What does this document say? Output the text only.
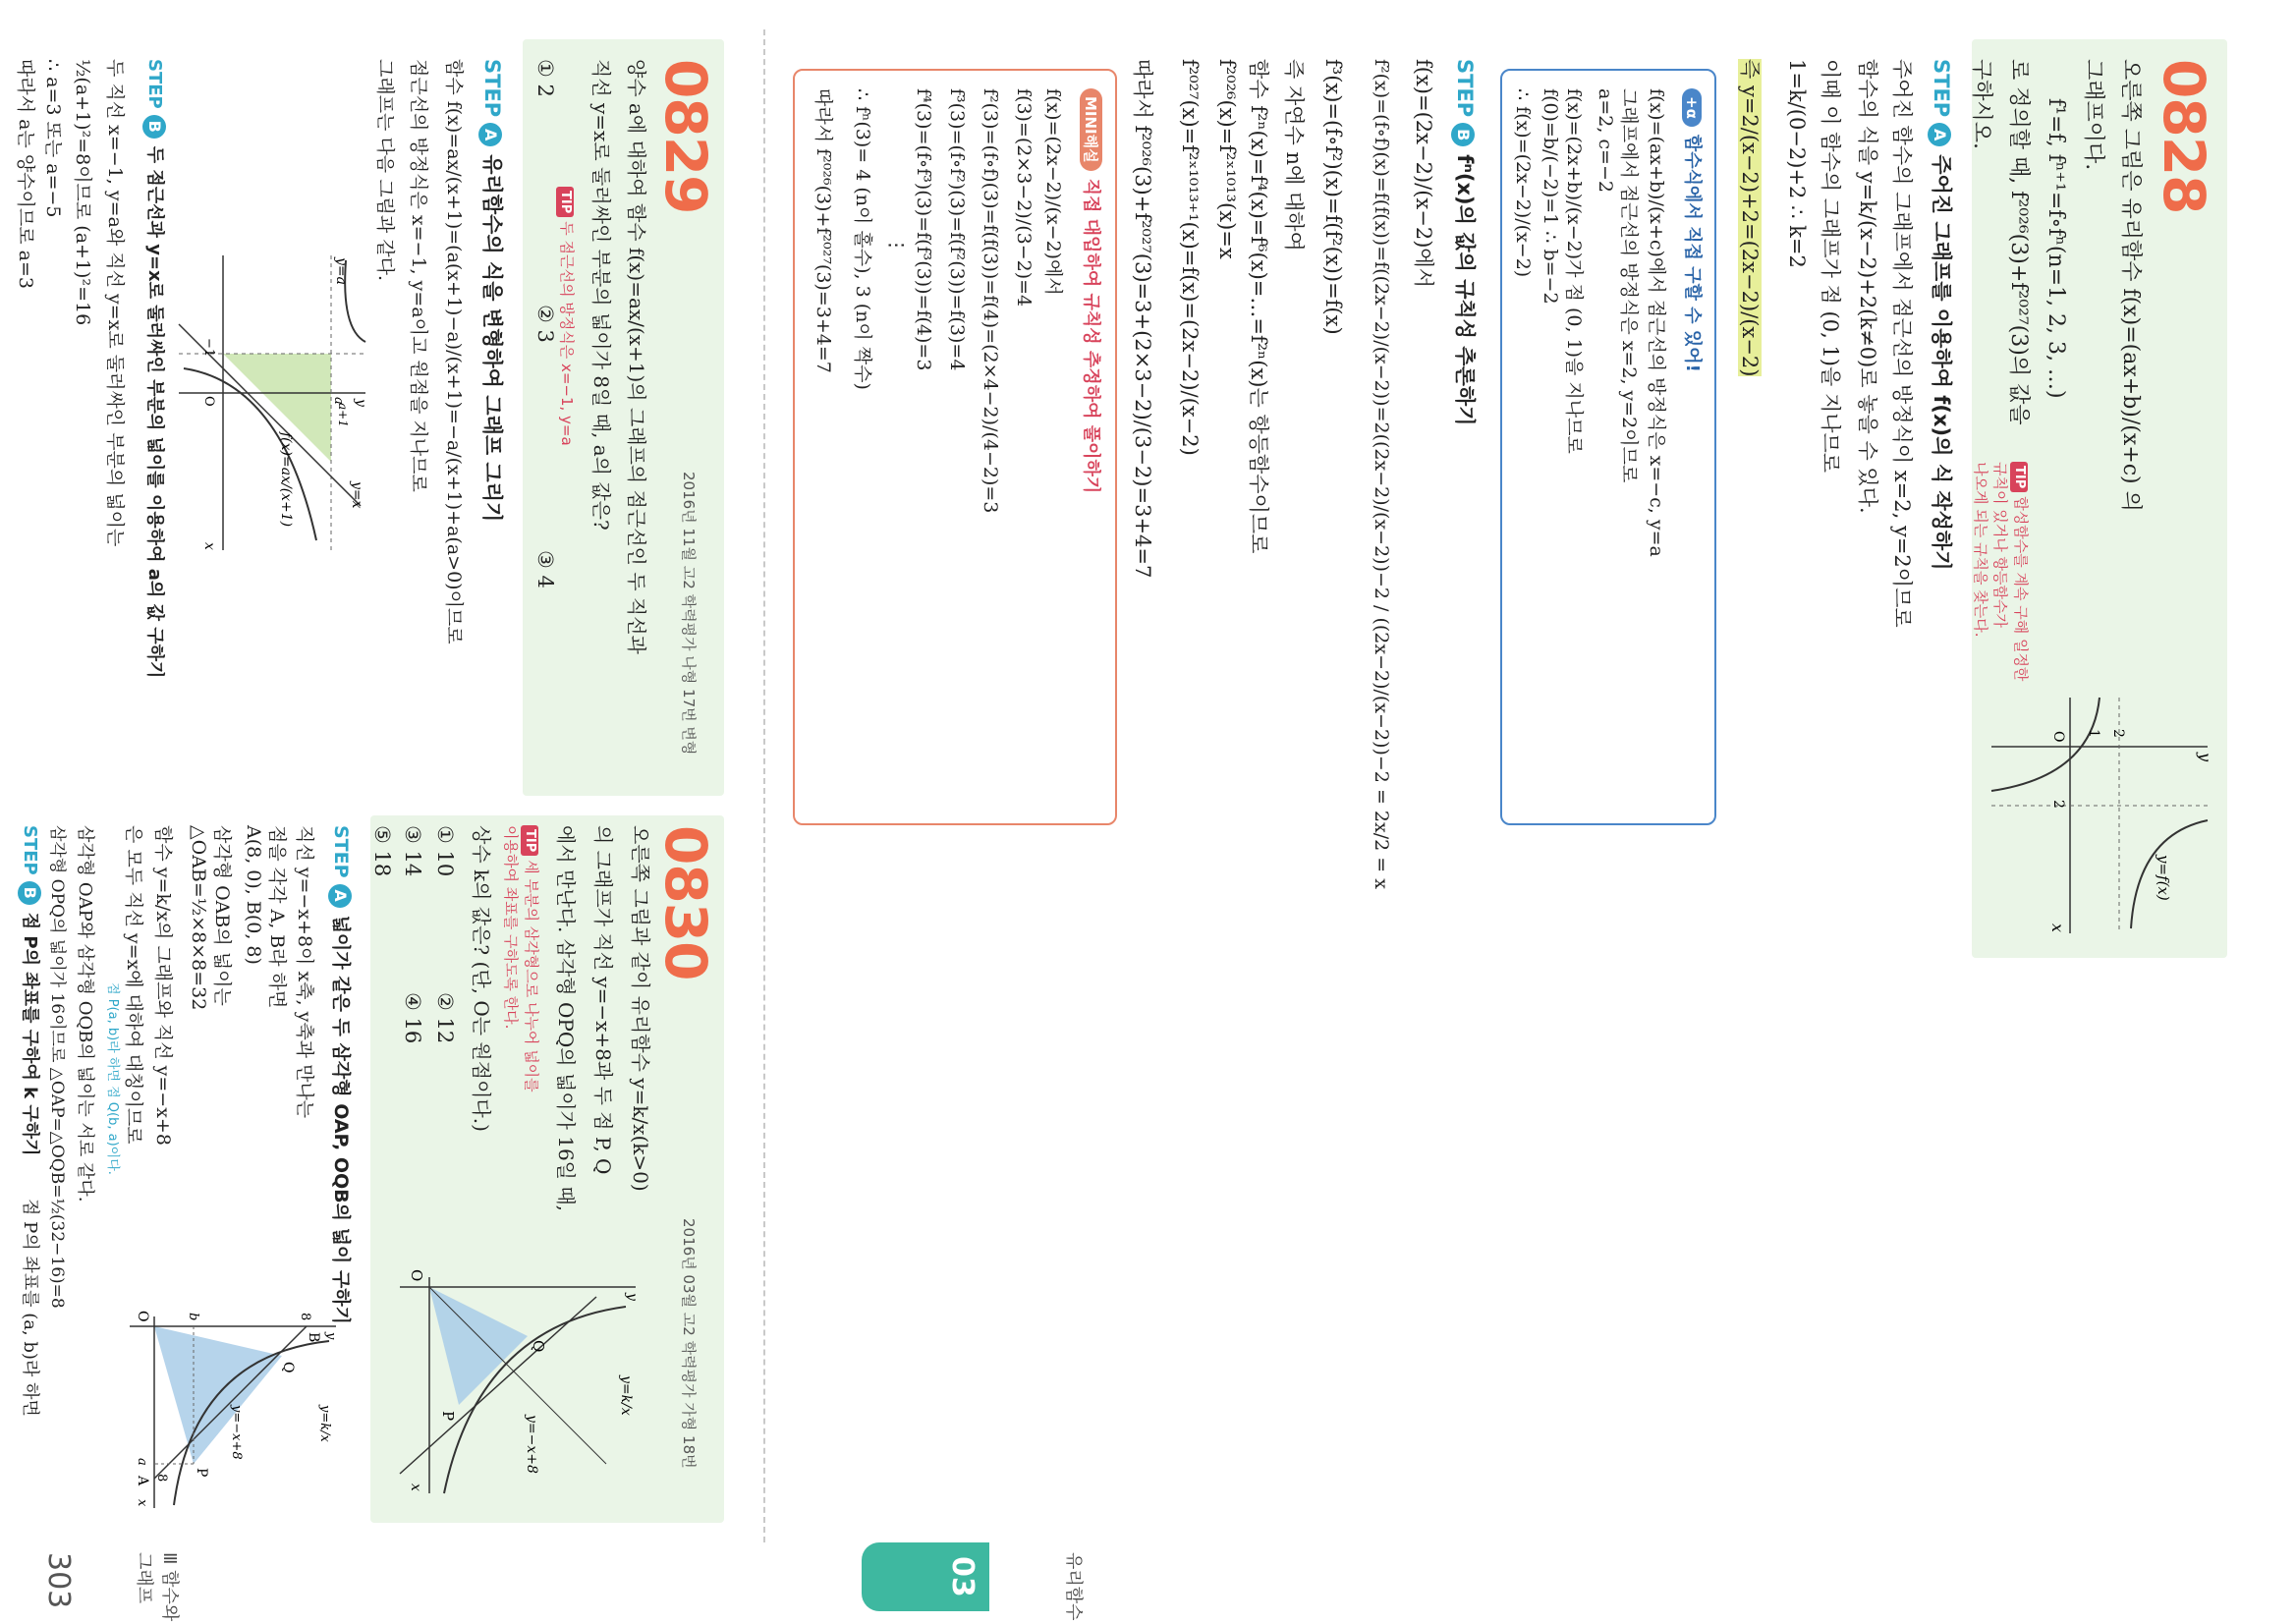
0828
오른쪽 그림은 유리함수 f(x)=(ax+b)/(x+c) 의
그래프이다.
f¹=f, fⁿ⁺¹=f∘fⁿ(n=1, 2, 3, …)
로 정의할 때, f²⁰²⁶(3)+f²⁰²⁷(3)의 값을
구하시오.
TIP합성함수를 계속 구해 일정한
규칙이 있거나 항등함수가
나오게 되는 규칙을 찾는다.
y
x
2
1
O
2
y=f(x)
STEPA주어진 그래프를 이용하여 f(x)의 식 작성하기
주어진 함수의 그래프에서 점근선의 방정식이 x=2, y=2이므로
함수의 식을 y=k/(x−2)+2(k≠0)로 놓을 수 있다.
이때 이 함수의 그래프가 점 (0, 1)을 지나므로
1=k/(0−2)+2 ∴ k=2
즉 y=2/(x−2)+2=(2x−2)/(x−2)
+α함수식에서 직접 구할 수 있어!
f(x)=(ax+b)/(x+c)에서 점근선의 방정식은 x=−c, y=a
그래프에서 점근선의 방정식은 x=2, y=2이므로
a=2, c=−2
f(x)=(2x+b)/(x−2)가 점 (0, 1)을 지나므로
f(0)=b/(−2)=1 ∴ b=−2
∴ f(x)=(2x−2)/(x−2)
STEPBfⁿ(x)의 값의 규칙성 추론하기
f(x)=(2x−2)/(x−2)에서
f²(x)=(f∘f)(x)=f(f(x))=f((2x−2)/(x−2))=2((2x−2)/(x−2))−2 / ((2x−2)/(x−2))−2 = 2x/2 = x
f³(x)=(f∘f²)(x)=f(f²(x))=f(x)
즉 자연수 n에 대하여
함수 f²ⁿ(x)=f⁴(x)=f⁶(x)=…=f²ⁿ(x)는 항등함수이므로
f²⁰²⁶(x)=f²ˣ¹⁰¹³(x)=x
f²⁰²⁷(x)=f²ˣ¹⁰¹³⁺¹(x)=f(x)=(2x−2)/(x−2)
따라서 f²⁰²⁶(3)+f²⁰²⁷(3)=3+(2×3−2)/(3−2)=3+4=7
MINI해설직접 대입하여 규칙성 추정하여 풀이하기
f(x)=(2x−2)/(x−2)에서
f(3)=(2×3−2)/(3−2)=4
f²(3)=(f∘f)(3)=f(f(3))=f(4)=(2×4−2)/(4−2)=3
f³(3)=(f∘f²)(3)=f(f²(3))=f(3)=4
f⁴(3)=(f∘f³)(3)=f(f³(3))=f(4)=3
⋮
∴ fⁿ(3)= 4 (n이 홀수), 3 (n이 짝수)
따라서 f²⁰²⁶(3)+f²⁰²⁷(3)=3+4=7
0829
2016년 11월 고2 학력평가 나형 17번 변형
양수 a에 대하여 함수 f(x)=ax/(x+1)의 그래프의 점근선인 두 직선과
직선 y=x로 둘러싸인 부분의 넓이가 8일 때, a의 값은?
TIP두 점근선의 방정식은 x=−1, y=a
① 2
② 3
③ 4
STEPA유리함수의 식을 변형하여 그래프 그리기
함수 f(x)=ax/(x+1)=(a(x+1)−a)/(x+1)=−a/(x+1)+a(a>0)이므로
점근선의 방정식은 x=−1, y=a이고 원점을 지나므로
그래프는 다음 그림과 같다.
f(x)=ax/(x+1)	y=x
y=a
−1
O	a
a+1
y
x
STEPB두 점근선과 y=x로 둘러싸인 부분의 넓이를 이용하여 a의 값 구하기
두 직선 x=−1, y=a와 직선 y=x로 둘러싸인 부분의 넓이는
½(a+1)²=8이므로 (a+1)²=16
∴ a=3 또는 a=−5
따라서 a는 양수이므로 a=3
0830
2016년 03월 고2 학력평가 가형 18번
오른쪽 그림과 같이 유리함수 y=k/x(k>0)
의 그래프가 직선 y=−x+8과 두 점 P, Q
에서 만난다. 삼각형 OPQ의 넓이가 16일 때,
TIP세 부분의 삼각형으로 나누어 넓이를
이용하여 좌표를 구하도록 한다.
상수 k의 값은? (단, O는 원점이다.)
① 10
② 12
③ 14
④ 16
⑤ 18
y=k/x
y=−x+8
P
Q
O
y
x
STEPA넓이가 같은 두 삼각형 OAP, OQB의 넓이 구하기
직선 y=−x+8이 x축, y축과 만나는
점을 각각 A, B라 하면
A(8, 0), B(0, 8)
삼각형 OAB의 넓이는
△OAB=½×8×8=32
함수 y=k/x의 그래프와 직선 y=−x+8
은 모두 직선 y=x에 대하여 대칭이므로
점 P(a, b)라 하면 점 Q(b, a)이다.
삼각형 OAP와 삼각형 OQB의 넓이는 서로 같다.
삼각형 OPQ의 넓이가 16이므로 △OAP=△OQB=½(32−16)=8
B
Q
P
A
O	8
8
a
b
y=k/x
y=−x+8
y
x
STEPB점 P의 좌표를 구하여 k 구하기
점 P의 좌표를 (a, b)라 하면
03	유리함수
Ⅲ 함수와 그래프
303
